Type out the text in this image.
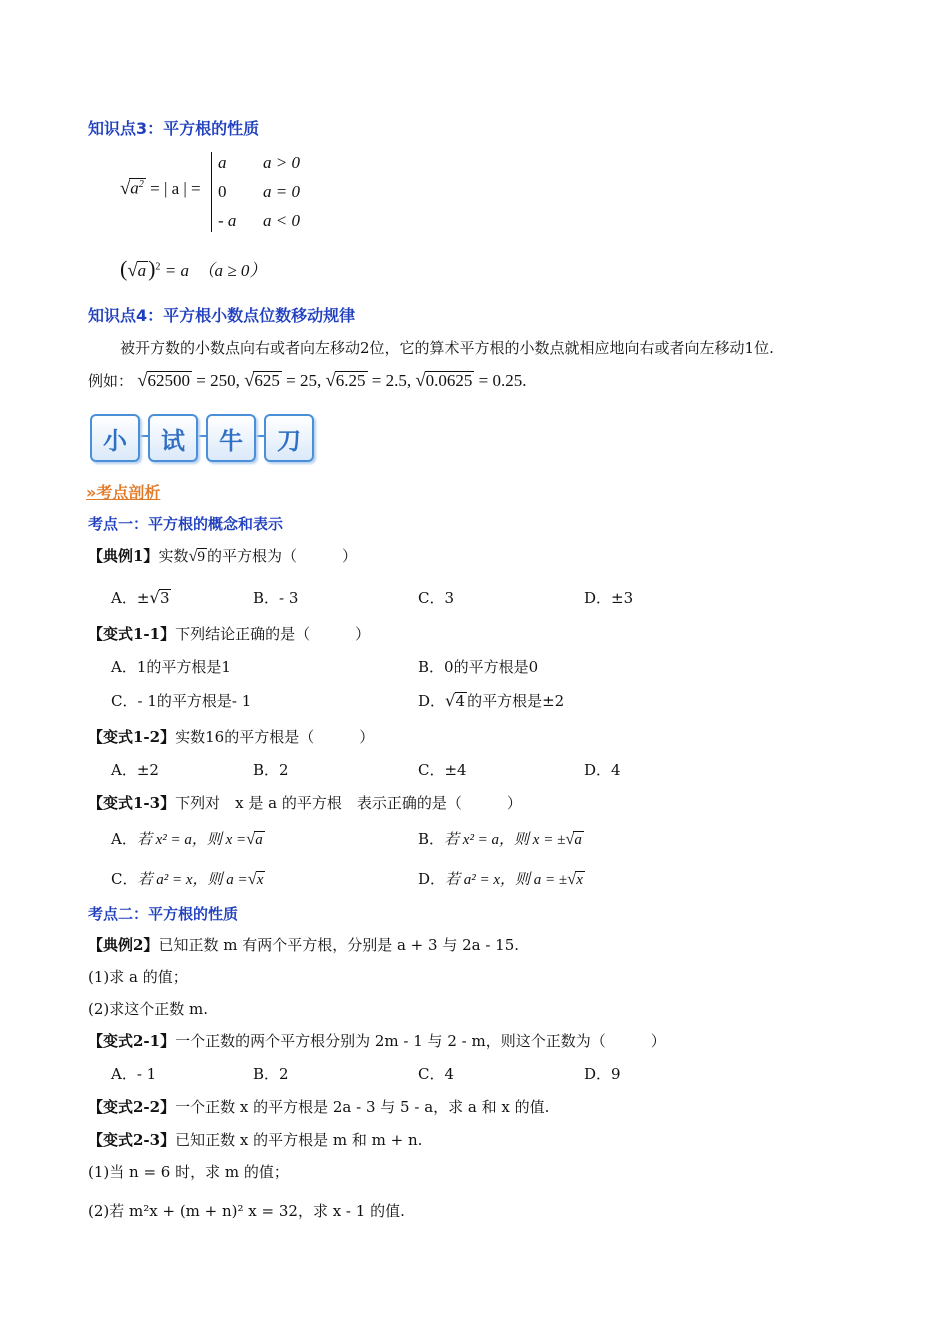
知识点3：平方根的性质
$√a^2$ = | a | =
a a > 0
0 a = 0
- a a < 0
$(√a)^2 = a$　（a ≥ 0）
知识点4：平方根小数点位数移动规律
被开方数的小数点向右或者向左移动2位，它的算术平方根的小数点就相应地向右或者向左移动1位.
例如： √62500 = 250, √625 = 25, √6.25 = 2.5, √0.0625 = 0.25.
小	试	牛	刀
»考点剖析
考点一：平方根的概念和表示
【典例1】实数√9 的平方根为（　　　）
A．±√3	B．- 3	C．3	D．±3
【变式1-1】下列结论正确的是（　　　）
A．1的平方根是1	B．0的平方根是0
C．- 1的平方根是- 1	D．√4 的平方根是±2
【变式1-2】实数16的平方根是（　　　）
A．±2	B．2	C．±4	D．4
【变式1-3】下列对　x 是 a 的平方根　表示正确的是（　　　）
A．若 x² = a，则 x =√a	B．若 x² = a，则 x = ±√a
C．若 a² = x，则 a =√x	D．若 a² = x，则 a = ±√x
考点二：平方根的性质
【典例2】已知正数 m 有两个平方根，分别是 a + 3 与 2a - 15.
(1)求 a 的值；
(2)求这个正数 m.
【变式2-1】一个正数的两个平方根分别为 2m - 1 与 2 - m，则这个正数为（　　　）
A．- 1	B．2	C．4	D．9
【变式2-2】一个正数 x 的平方根是 2a - 3 与 5 - a，求 a 和 x 的值.
【变式2-3】已知正数 x 的平方根是 m 和 m + n.
(1)当 n = 6 时，求 m 的值；
(2)若 m²x + (m + n)² x = 32，求 x - 1 的值.
